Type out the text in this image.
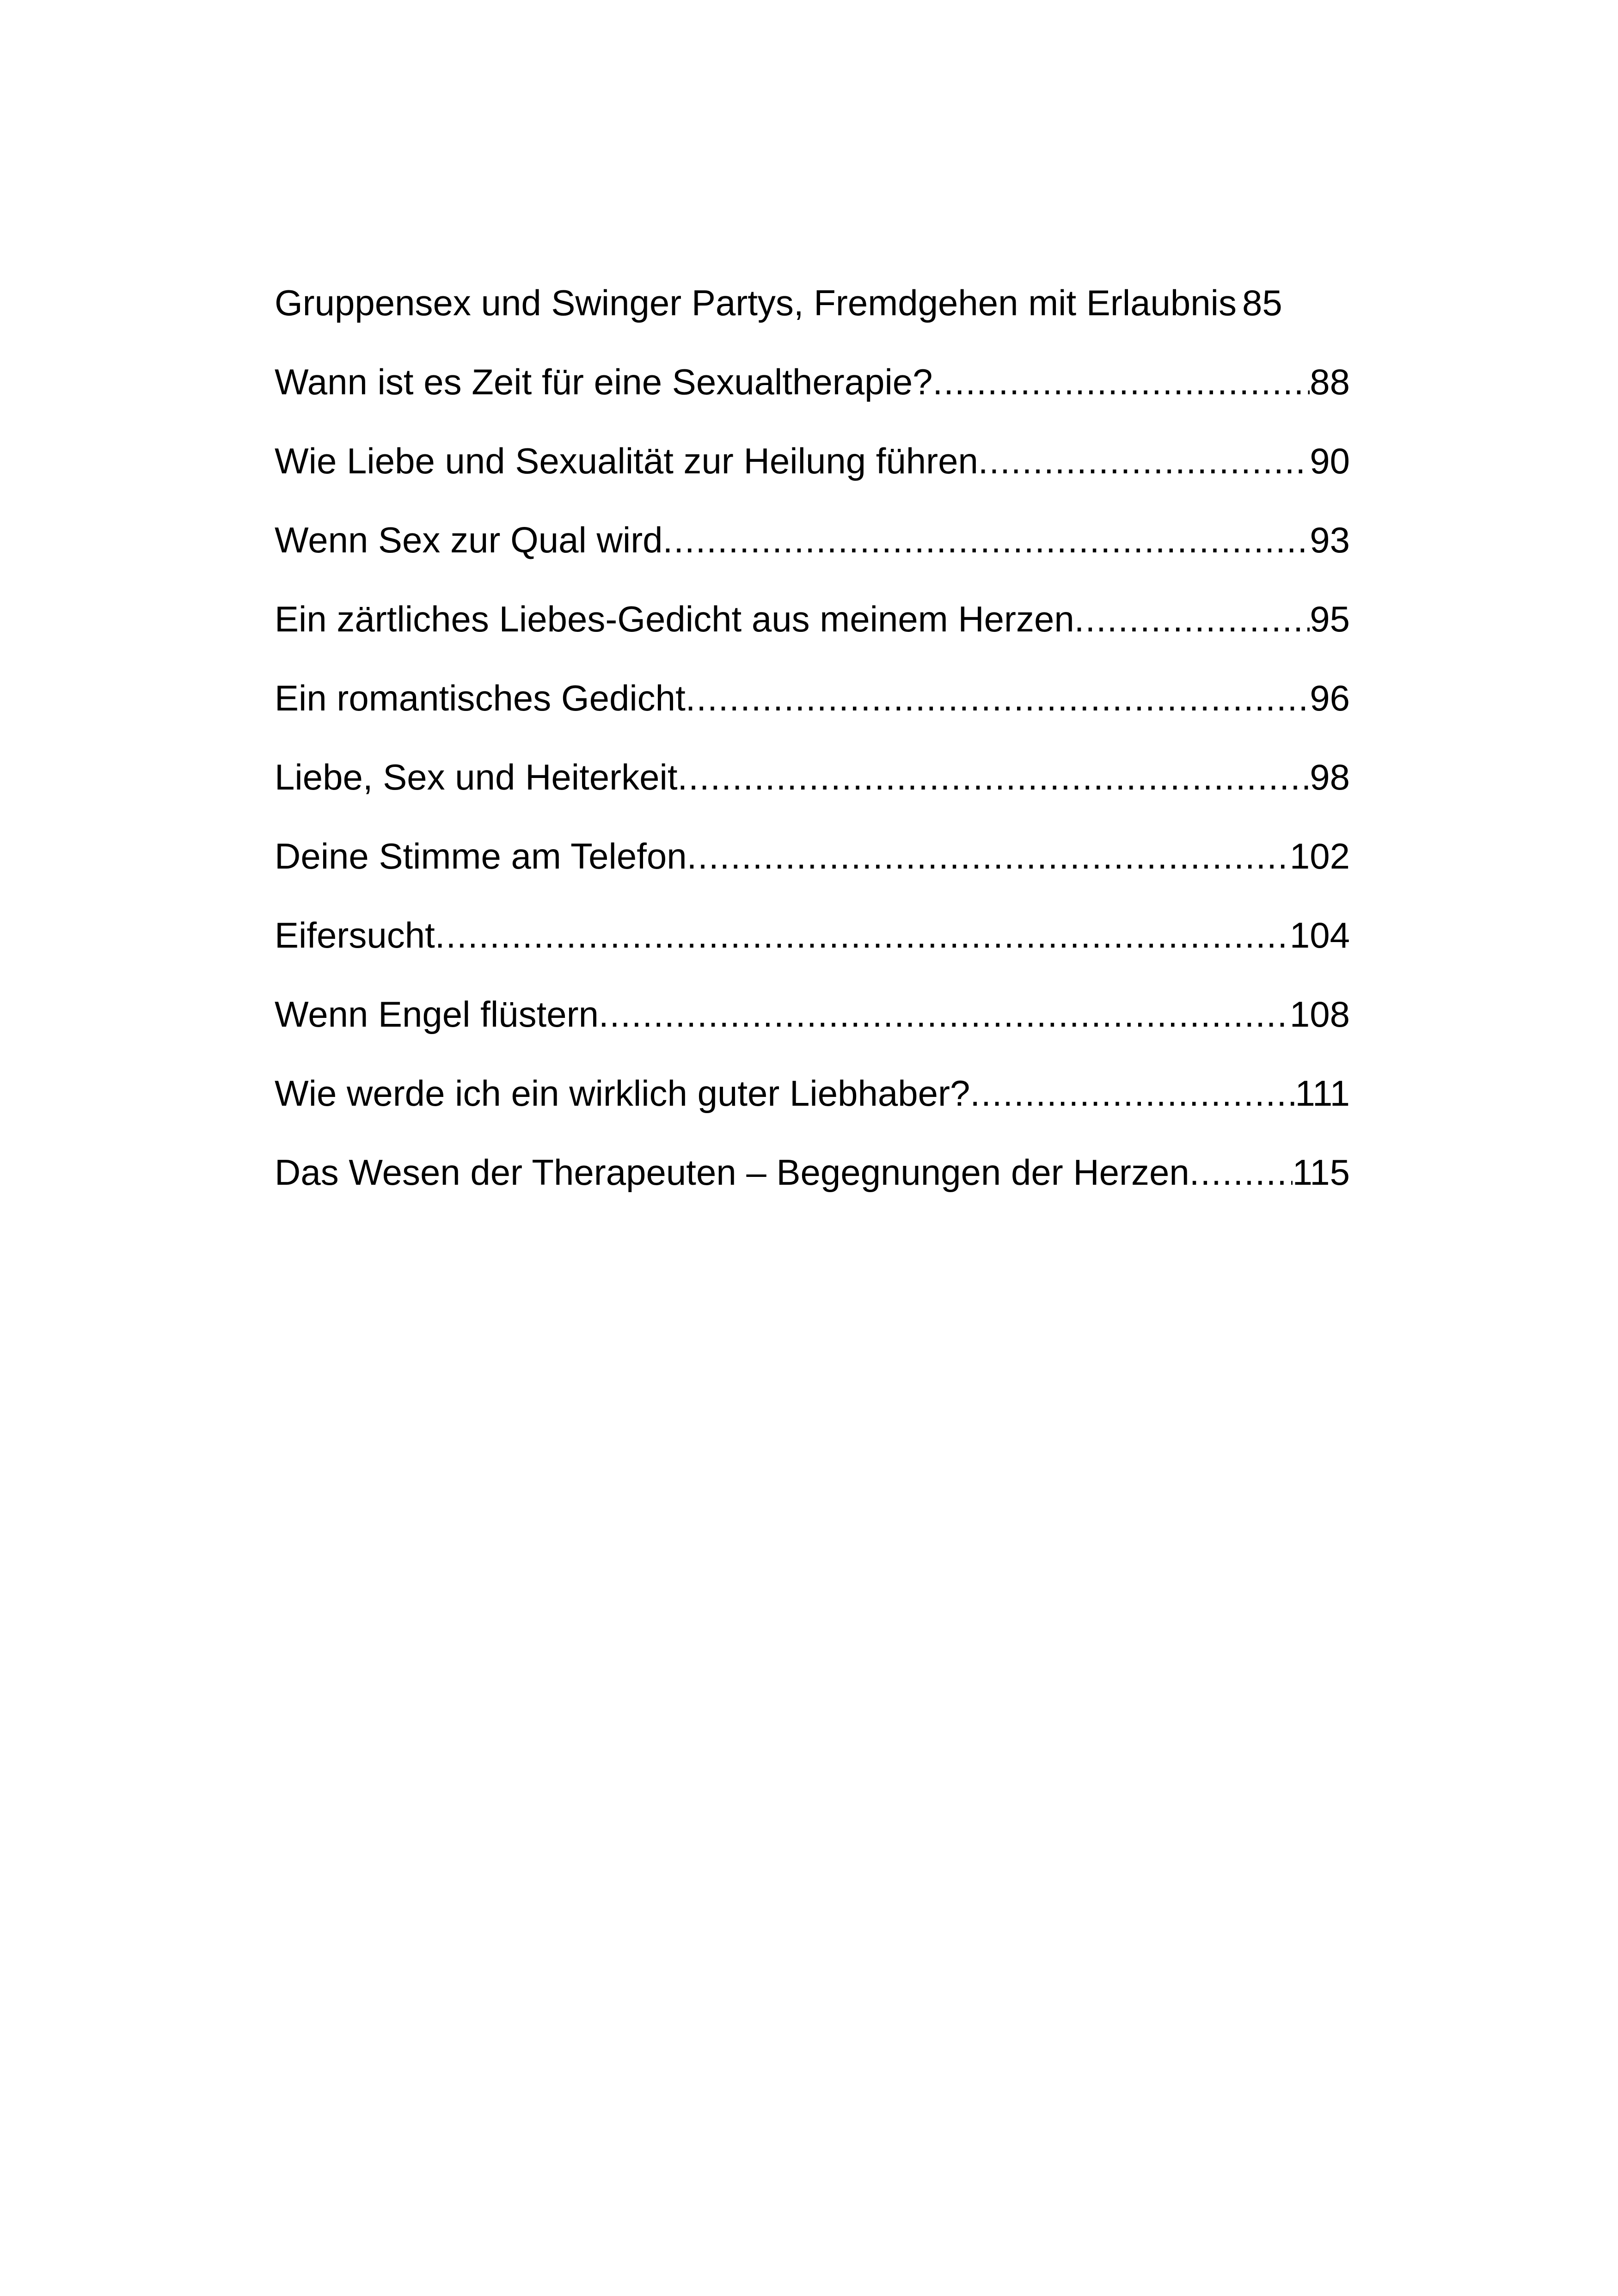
Gruppensex und Swinger Partys, Fremdgehen mit Erlaubnis 85
Wann ist es Zeit für eine Sexualtherapie? .....	88
Wie Liebe und Sexualität zur Heilung führen .....	90
Wenn Sex zur Qual wird .....	93
Ein zärtliches Liebes-Gedicht aus meinem Herzen .....	95
Ein romantisches Gedicht .....	96
Liebe, Sex und Heiterkeit .....	98
Deine Stimme am Telefon .....	102
Eifersucht .....	104
Wenn Engel flüstern .....	108
Wie werde ich ein wirklich guter Liebhaber? .....	111
Das Wesen der Therapeuten – Begegnungen der Herzen .....	115
